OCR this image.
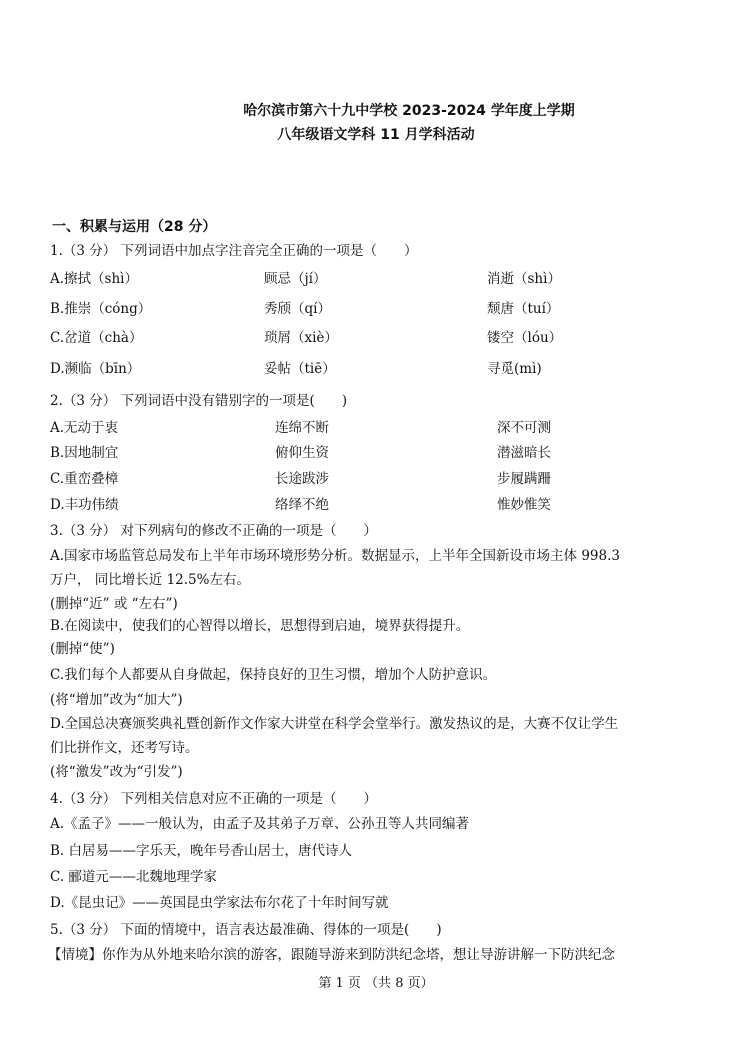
哈尔滨市第六十九中学校 2023-2024 学年度上学期
八年级语文学科 11 月学科活动
一、积累与运用（28 分）
1.（3 分） 下列词语中加点字注音完全正确的一项是（　　）
A.擦拭（shì）	顾忌（jí）	消逝（shì）
B.推崇（cóng）	秀颀（qí）	颓唐（tuí）
C.岔道（chà）	琐屑（xiè）	镂空（lóu）
D.濒临（bīn）	妥帖（tiē）	寻觅(mì)
2.（3 分） 下列词语中没有错别字的一项是(　　)
A.无动于衷	连绵不断	深不可测
B.因地制宜	俯仰生资	潜滋暗长
C.重峦叠樟	长途跋涉	步履蹒跚
D.丰功伟绩	络绎不绝	惟妙惟笑
3.（3 分） 对下列病句的修改不正确的一项是（　　）
A.国家市场监管总局发布上半年市场环境形势分析。数据显示，上半年全国新设市场主体 998.3
万户， 同比增长近 12.5%左右。
(删掉“近” 或 “左右”)
B.在阅读中，使我们的心智得以增长，思想得到启迪，境界获得提升。
(删掉“使”)
C.我们每个人都要从自身做起，保持良好的卫生习惯，增加个人防护意识。
(将“增加”改为“加大”)
D.全国总决赛颁奖典礼暨创新作文作家大讲堂在科学会堂举行。激发热议的是，大赛不仅让学生
们比拼作文，还考写诗。
(将“激发”改为“引发”)
4.（3 分） 下列相关信息对应不正确的一项是（　　）
A.《孟子》——一般认为，由孟子及其弟子万章、公孙丑等人共同编著
B. 白居易——字乐天，晚年号香山居士，唐代诗人
C. 郦道元——北魏地理学家
D.《昆虫记》——英国昆虫学家法布尔花了十年时间写就
5.（3 分） 下面的情境中，语言表达最准确、得体的一项是(　　)
【情境】你作为从外地来哈尔滨的游客，跟随导游来到防洪纪念塔，想让导游讲解一下防洪纪念
第 1 页 （共 8 页）
